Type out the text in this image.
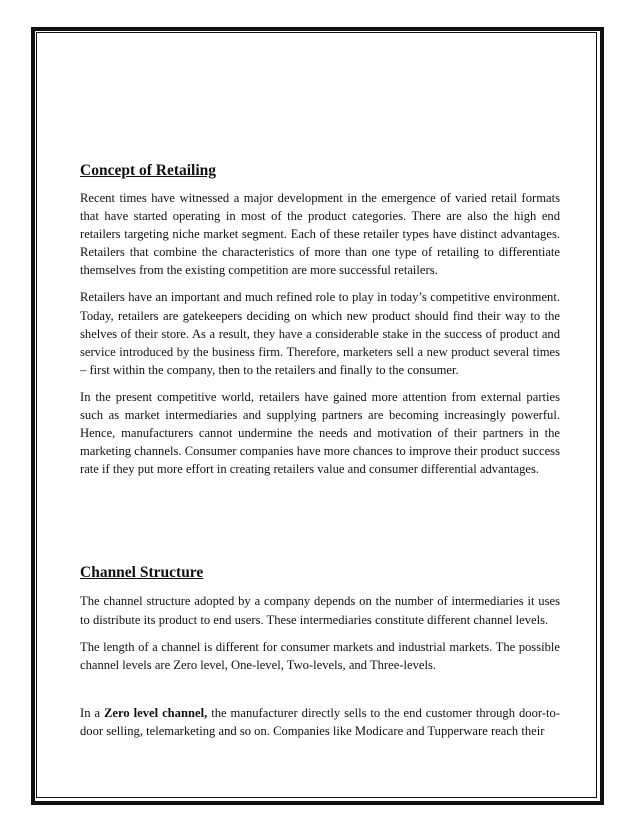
Concept of Retailing

Recent times have witnessed a major development in the emergence of varied retail formats that have started operating in most of the product categories. There are also the high end retailers targeting niche market segment. Each of these retailer types have distinct advantages. Retailers that combine the characteristics of more than one type of retailing to differentiate themselves from the existing competition are more successful retailers.

Retailers have an important and much refined role to play in today’s competitive environment. Today, retailers are gatekeepers deciding on which new product should find their way to the shelves of their store. As a result, they have a considerable stake in the success of product and service introduced by the business firm. Therefore, marketers sell a new product several times – first within the company, then to the retailers and finally to the consumer.

In the present competitive world, retailers have gained more attention from external parties such as market intermediaries and supplying partners are becoming increasingly powerful. Hence, manufacturers cannot undermine the needs and motivation of their partners in the marketing channels. Consumer companies have more chances to improve their product success rate if they put more effort in creating retailers value and consumer differential advantages.

Channel Structure

The channel structure adopted by a company depends on the number of intermediaries it uses to distribute its product to end users. These intermediaries constitute different channel levels.

The length of a channel is different for consumer markets and industrial markets. The possible channel levels are Zero level, One-level, Two-levels, and Three-levels.

In a Zero level channel, the manufacturer directly sells to the end customer through door-to-door selling, telemarketing and so on. Companies like Modicare and Tupperware reach their
